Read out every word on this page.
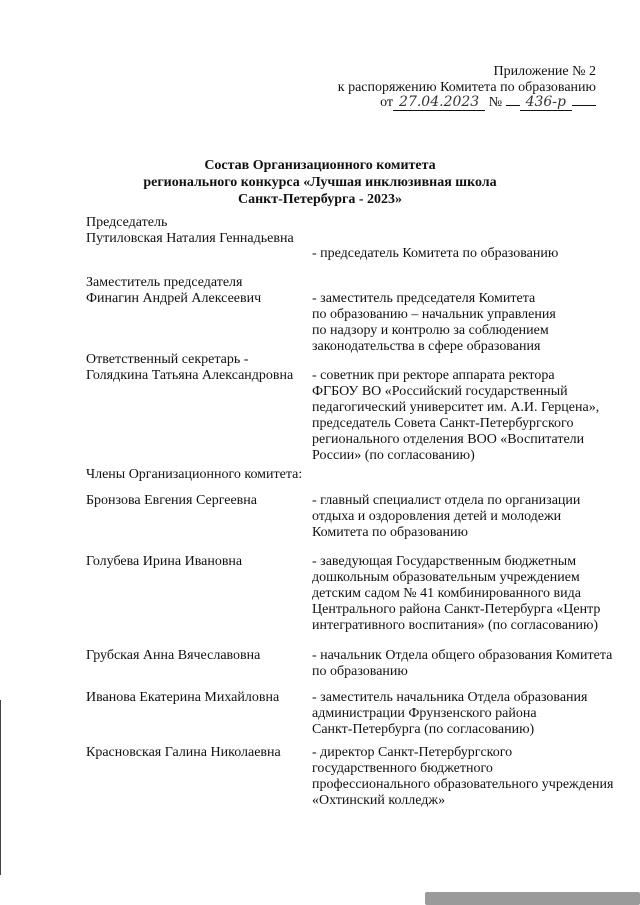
Приложение № 2
к распоряжению Комитета по образованию
от 27.04.2023 № 436-р
Состав Организационного комитета
регионального конкурса «Лучшая инклюзивная школа
Санкт-Петербурга - 2023»
Председатель
Путиловская Наталия Геннадьевна
- председатель Комитета по образованию
Заместитель председателя
Финагин Андрей Алексеевич	- заместитель председателя Комитета
по образованию – начальник управления
по надзору и контролю за соблюдением
законодательства в сфере образования
Ответственный секретарь -
Голядкина Татьяна Александровна - советник при ректоре аппарата ректора
ФГБОУ ВО «Российский государственный
педагогический университет им. А.И. Герцена»,
председатель Совета Санкт-Петербургского
регионального отделения ВОО «Воспитатели
России» (по согласованию)
Члены Организационного комитета:
Бронзова Евгения Сергеевна	- главный специалист отдела по организации
отдыха и оздоровления детей и молодежи
Комитета по образованию
Голубева Ирина Ивановна	- заведующая Государственным бюджетным
дошкольным образовательным учреждением
детским садом № 41 комбинированного вида
Центрального района Санкт-Петербурга «Центр
интегративного воспитания» (по согласованию)
Грубская Анна Вячеславовна	- начальник Отдела общего образования Комитета
по образованию
Иванова Екатерина Михайловна - заместитель начальника Отдела образования
администрации Фрунзенского района
Санкт-Петербурга (по согласованию)
Красновская Галина Николаевна - директор Санкт-Петербургского
государственного бюджетного
профессионального образовательного учреждения
«Охтинский колледж»
